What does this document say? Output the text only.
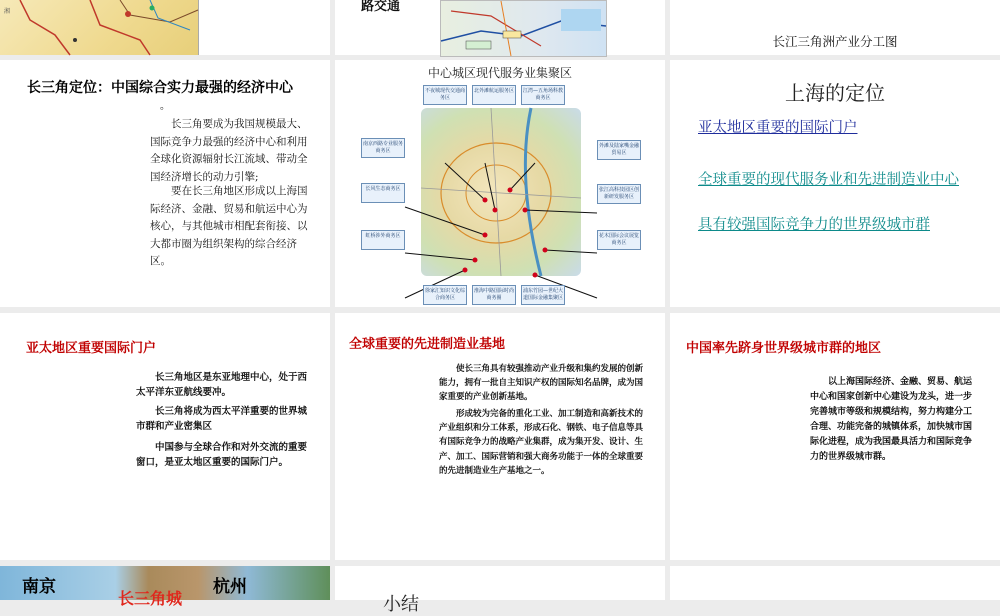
湘	路交通
长江三角洲产业分工图
长三角定位：中国综合实力最强的经济中心
。
长三角要成为我国规模最大、国际竞争力最强的经济中心和利用全球化资源辐射长江流域、带动全国经济增长的动力引擎;
要在长三角地区形成以上海国际经济、金融、贸易和航运中心为核心，与其他城市相配套衔接、以大都市圈为组织架构的综合经济区。
中心城区现代服务业集聚区
不夜城现代交通商务区
北外滩航运服务区	江湾—五角场科教商务区
南京西路专业服务商务区
外滩及陆家嘴金融贸易区
长风生态商务区	张江高科技园区创新研发服务区
虹桥涉外商务区	花木国际会议展览商务区
徐家汇知识文化综合商务区
淮海中路国际时尚商务圈
浦东竹园—世纪大道国际金融集聚区
上海的定位
亚太地区重要的国际门户
全球重要的现代服务业和先进制造业中心
具有较强国际竞争力的世界级城市群
亚太地区重要国际门户
长三角地区是东亚地理中心，处于西太平洋东亚航线要冲。
长三角将成为西太平洋重要的世界城市群和产业密集区
中国参与全球合作和对外交流的重要窗口，是亚太地区重要的国际门户。
全球重要的先进制造业基地
使长三角具有较强推动产业升级和集约发展的创新能力，拥有一批自主知识产权的国际知名品牌，成为国家重要的产业创新基地。
形成较为完备的重化工业、加工制造和高新技术的产业组织和分工体系，形成石化、钢铁、电子信息等具有国际竞争力的战略产业集群，成为集开发、设计、生产、加工、国际营销和强大商务功能于一体的全球重要的先进制造业生产基地之一。
中国率先跻身世界级城市群的地区
以上海国际经济、金融、贸易、航运中心和国家创新中心建设为龙头，进一步完善城市等级和规模结构，努力构建分工合理、功能完备的城镇体系，加快城市国际化进程，成为我国最具活力和国际竞争力的世界级城市群。
南京
长三角城
杭州
小结
